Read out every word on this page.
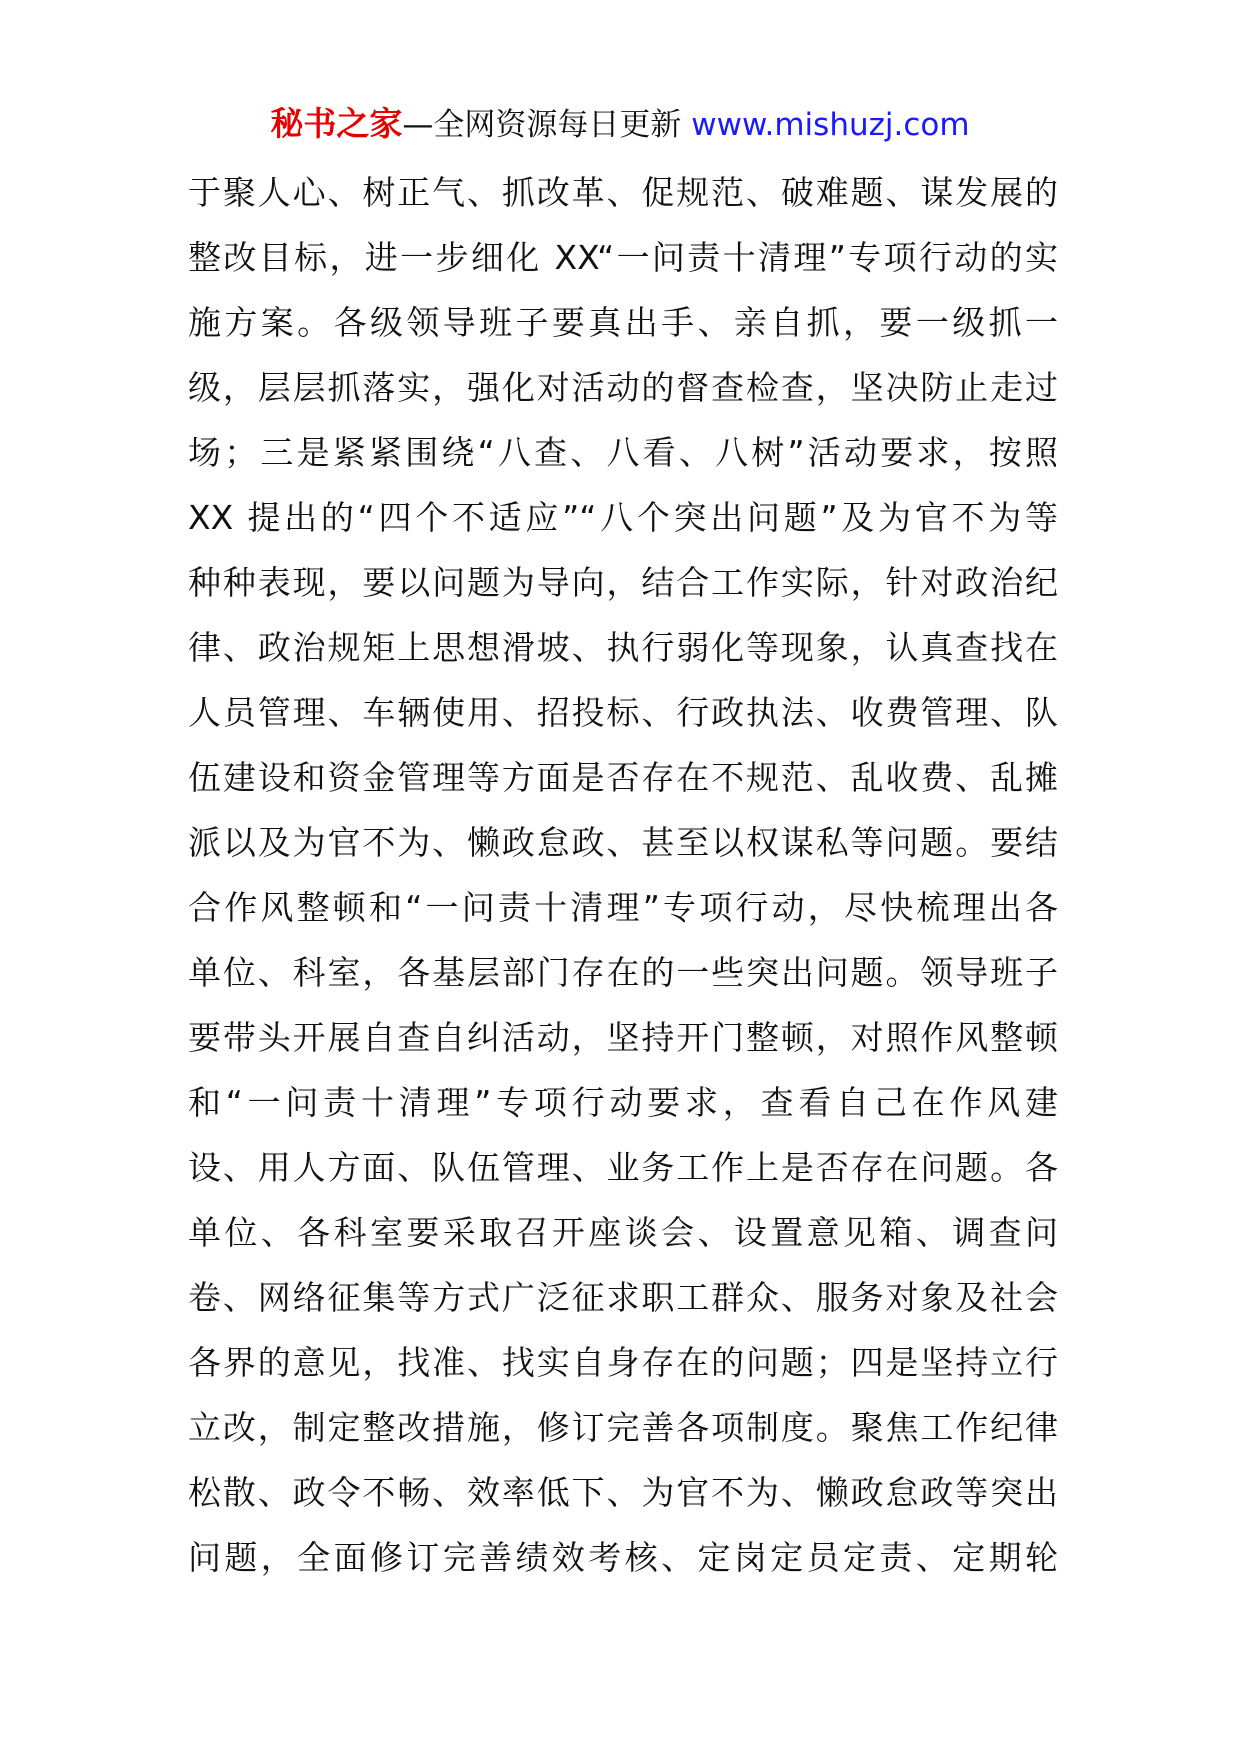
秘书之家—全网资源每日更新 www.mishuzj.com
于聚人心、树正气、抓改革、促规范、破难题、谋发展的
整改目标，进一步细化 XX“一问责十清理”专项行动的实
施方案。各级领导班子要真出手、亲自抓，要一级抓一
级，层层抓落实，强化对活动的督查检查，坚决防止走过
场；三是紧紧围绕“八查、八看、八树”活动要求，按照
XX 提出的“四个不适应”“八个突出问题”及为官不为等
种种表现，要以问题为导向，结合工作实际，针对政治纪
律、政治规矩上思想滑坡、执行弱化等现象，认真查找在
人员管理、车辆使用、招投标、行政执法、收费管理、队
伍建设和资金管理等方面是否存在不规范、乱收费、乱摊
派以及为官不为、懒政怠政、甚至以权谋私等问题。要结
合作风整顿和“一问责十清理”专项行动，尽快梳理出各
单位、科室，各基层部门存在的一些突出问题。领导班子
要带头开展自查自纠活动，坚持开门整顿，对照作风整顿
和“一问责十清理”专项行动要求，查看自己在作风建
设、用人方面、队伍管理、业务工作上是否存在问题。各
单位、各科室要采取召开座谈会、设置意见箱、调查问
卷、网络征集等方式广泛征求职工群众、服务对象及社会
各界的意见，找准、找实自身存在的问题；四是坚持立行
立改，制定整改措施，修订完善各项制度。聚焦工作纪律
松散、政令不畅、效率低下、为官不为、懒政怠政等突出
问题，全面修订完善绩效考核、定岗定员定责、定期轮
